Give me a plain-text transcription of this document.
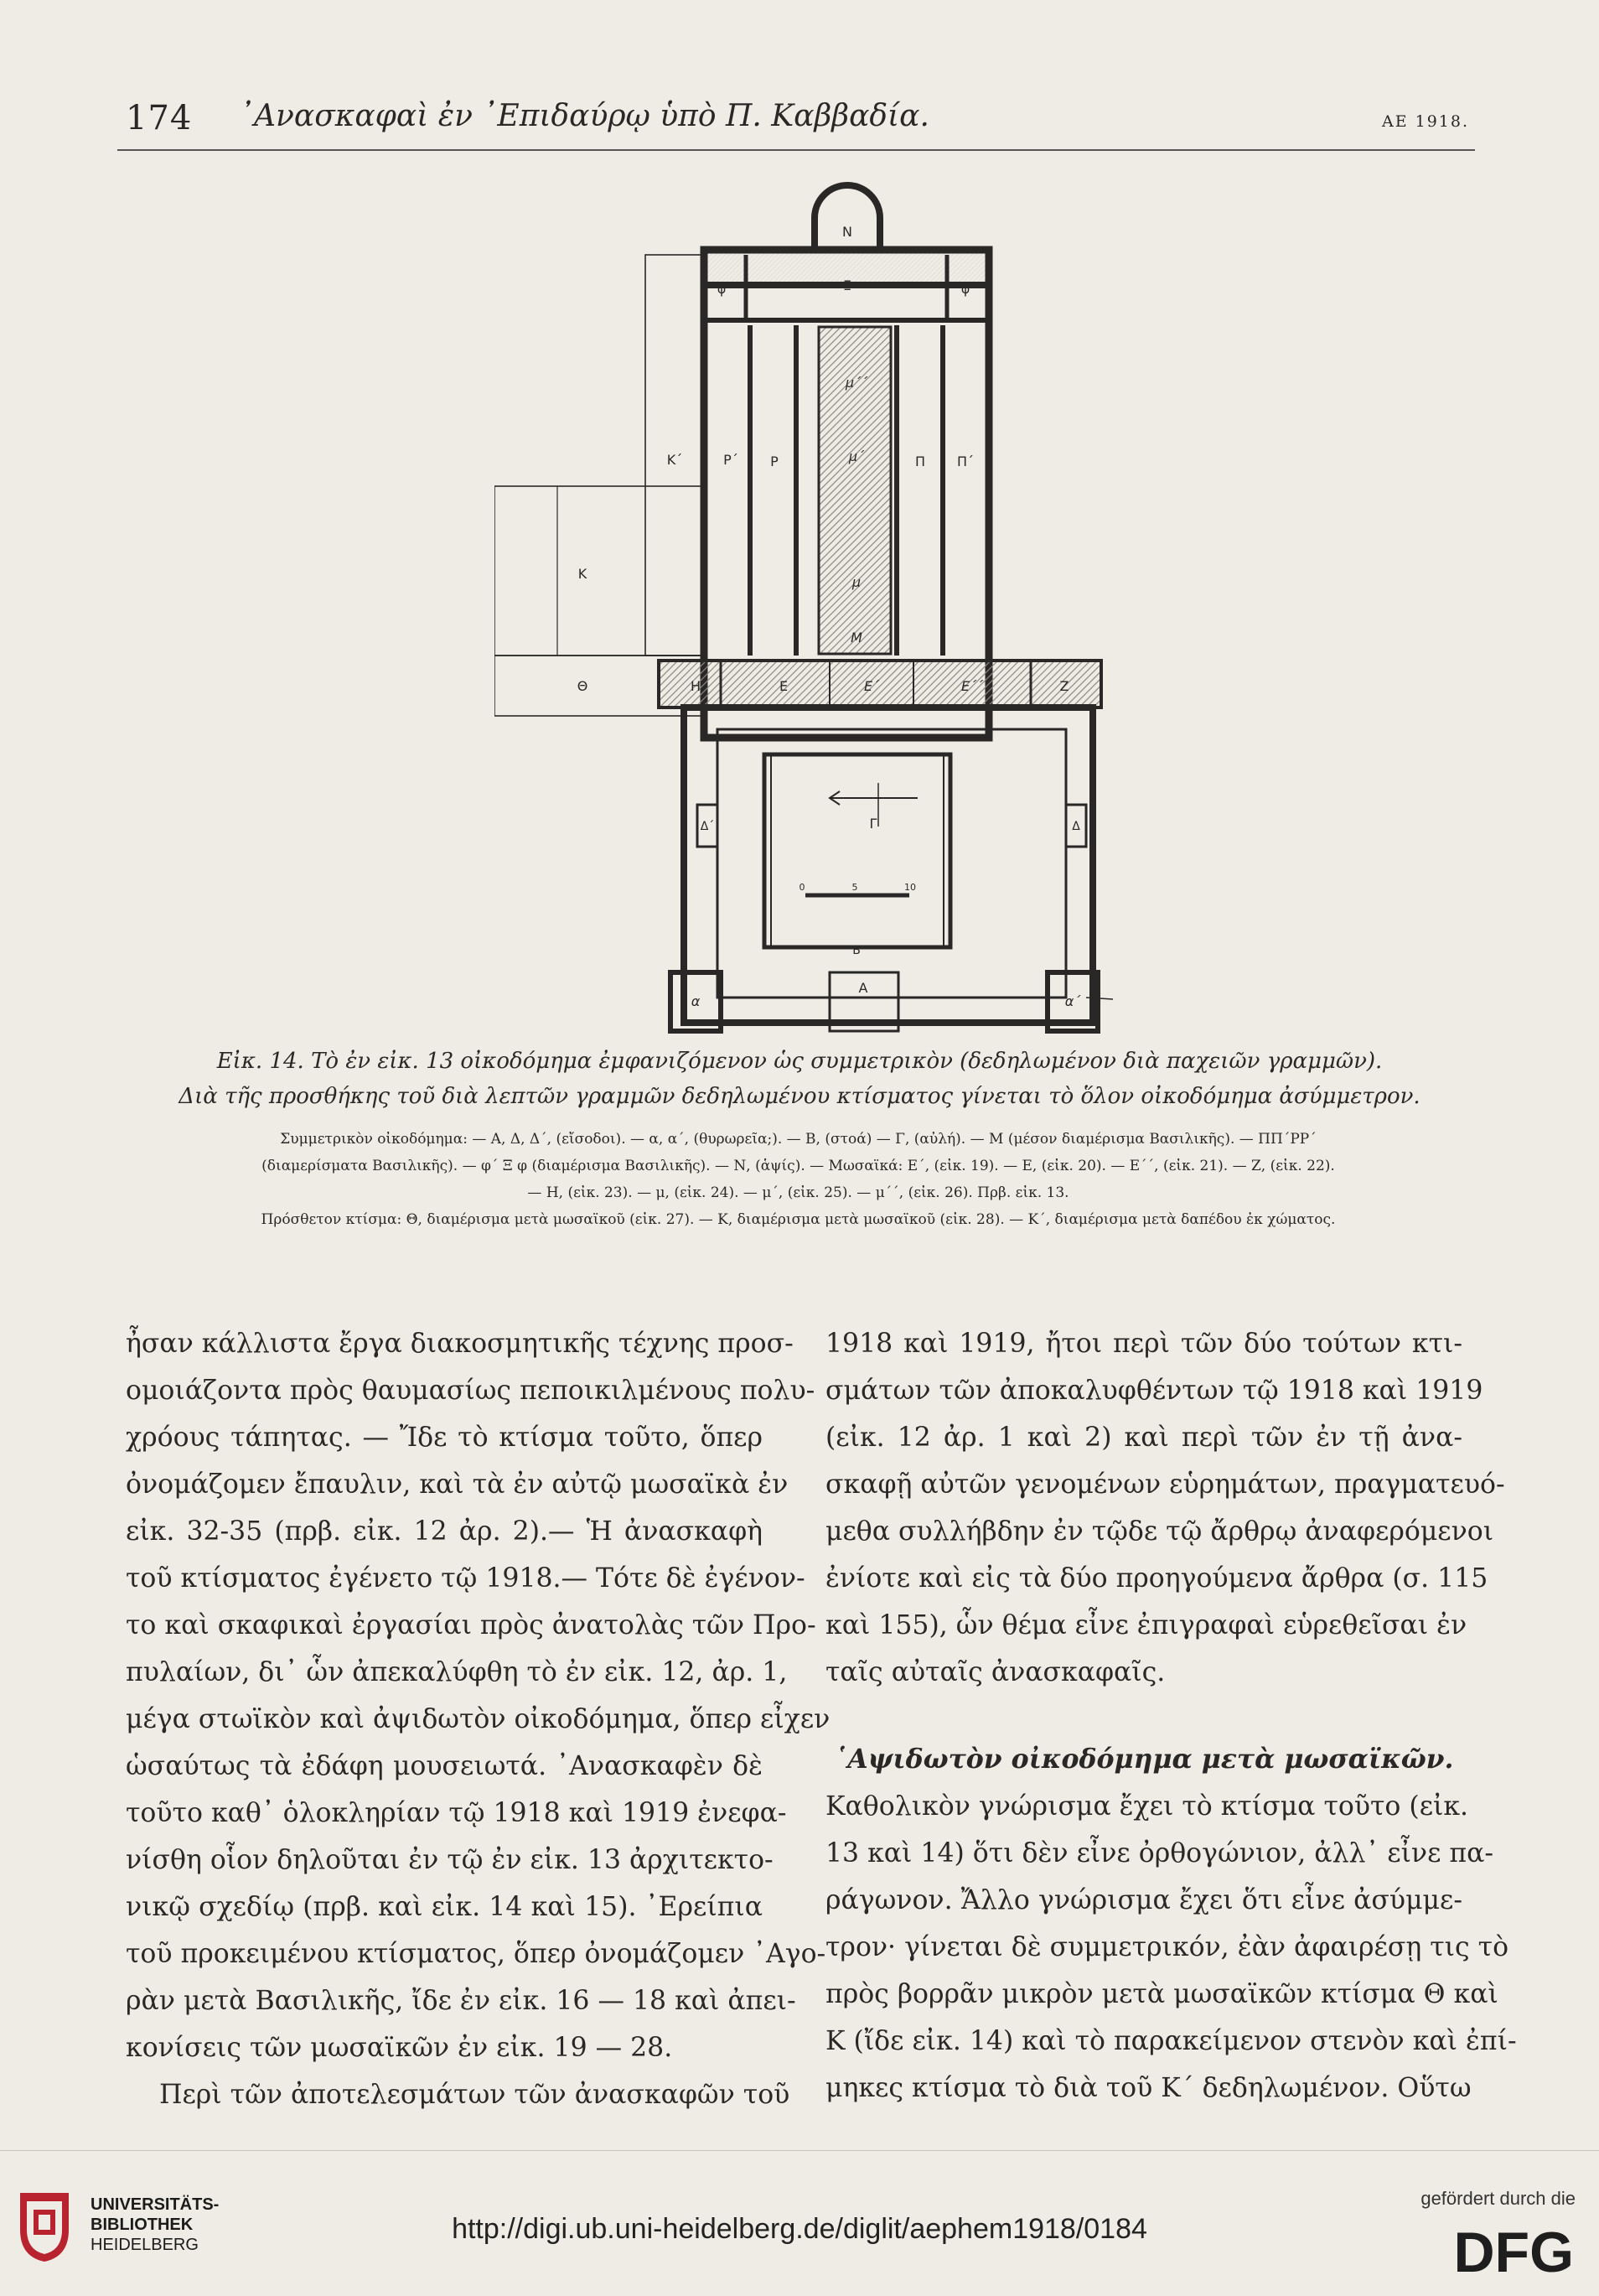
174 ᾿Ανασκαφαὶ ἐν ᾿Επιδαύρῳ ὑπὸ Π. Καββαδία.	ΑΕ 1918.
N
Ξ
φ΄	φ
K΄	Ρ΄ Ρ	Π Π΄
μ΄΄
μ΄
μ
Μ
K
Θ	Η	Ε	Ε΄	Ε΄΄	Ζ
Γ
Δ΄	Δ
B
α
A
α΄
0	5	10
Εἰκ. 14. Τὸ ἐν εἰκ. 13 οἰκοδόμημα ἐμφανιζόμενον ὡς συμμετρικὸν (δεδηλωμένον διὰ παχειῶν γραμμῶν).
Διὰ τῆς προσθήκης τοῦ διὰ λεπτῶν γραμμῶν δεδηλωμένου κτίσματος γίνεται τὸ ὅλον οἰκοδόμημα ἀσύμμετρον.
Συμμετρικὸν οἰκοδόμημα: — Α, Δ, Δ΄, (εἴσοδοι). — α, α΄, (θυρωρεῖα;). — Β, (στοά) — Γ, (αὐλή). — Μ (μέσον διαμέρισμα Βασιλικῆς). — ΠΠ΄ΡΡ΄
(διαμερίσματα Βασιλικῆς). — φ΄ Ξ φ (διαμέρισμα Βασιλικῆς). — Ν, (ἁψίς). — Μωσαϊκά: Ε΄, (εἰκ. 19). — Ε, (εἰκ. 20). — Ε΄΄, (εἰκ. 21). — Ζ, (εἰκ. 22).
— Η, (εἰκ. 23). — μ, (εἰκ. 24). — μ΄, (εἰκ. 25). — μ΄΄, (εἰκ. 26). Πρβ. εἰκ. 13.
Πρόσθετον κτίσμα: Θ, διαμέρισμα μετὰ μωσαϊκοῦ (εἰκ. 27). — Κ, διαμέρισμα μετὰ μωσαϊκοῦ (εἰκ. 28). — Κ΄, διαμέρισμα μετὰ δαπέδου ἐκ χώματος.

ἦσαν κάλλιστα ἔργα διακοσμητικῆς τέχνης προσ-

ομοιάζοντα πρὸς θαυμασίως πεποικιλμένους πολυ-

χρόους τάπητας. — Ἴδε τὸ κτίσμα τοῦτο, ὅπερ

ὀνομάζομεν ἔπαυλιν, καὶ τὰ ἐν αὐτῷ μωσαϊκὰ ἐν

εἰκ. 32-35 (πρβ. εἰκ. 12 ἀρ. 2).— Ἡ ἀνασκαφὴ

τοῦ κτίσματος ἐγένετο τῷ 1918.— Τότε δὲ ἐγένον-

το καὶ σκαφικαὶ ἐργασίαι πρὸς ἀνατολὰς τῶν Προ-

πυλαίων, δι᾿ ὧν ἀπεκαλύφθη τὸ ἐν εἰκ. 12, ἀρ. 1,

μέγα στωϊκὸν καὶ ἀψιδωτὸν οἰκοδόμημα, ὅπερ εἶχεν

ὡσαύτως τὰ ἐδάφη μουσειωτά. ᾿Ανασκαφὲν δὲ

τοῦτο καθ᾿ ὁλοκληρίαν τῷ 1918 καὶ 1919 ἐνεφα-

νίσθη οἷον δηλοῦται ἐν τῷ ἐν εἰκ. 13 ἀρχιτεκτο-

νικῷ σχεδίῳ (πρβ. καὶ εἰκ. 14 καὶ 15). ᾿Ερείπια

τοῦ προκειμένου κτίσματος, ὅπερ ὀνομάζομεν ᾿Αγο-

ρὰν μετὰ Βασιλικῆς, ἴδε ἐν εἰκ. 16 — 18 καὶ ἀπει-

κονίσεις τῶν μωσαϊκῶν ἐν εἰκ. 19 — 28.

Περὶ τῶν ἀποτελεσμάτων τῶν ἀνασκαφῶν τοῦ

1918 καὶ 1919, ἤτοι περὶ τῶν δύο τούτων κτι-

σμάτων τῶν ἀποκαλυφθέντων τῷ 1918 καὶ 1919

(εἰκ. 12 ἀρ. 1 καὶ 2) καὶ περὶ τῶν ἐν τῇ ἀνα-

σκαφῇ αὐτῶν γενομένων εὑρημάτων, πραγματευό-

μεθα συλλήβδην ἐν τῷδε τῷ ἄρθρῳ ἀναφερόμενοι

ἐνίοτε καὶ εἰς τὰ δύο προηγούμενα ἄρθρα (σ. 115

καὶ 155), ὧν θέμα εἶνε ἐπιγραφαὶ εὑρεθεῖσαι ἐν

ταῖς αὐταῖς ἀνασκαφαῖς.

῾Αψιδωτὸν οἰκοδόμημα μετὰ μωσαϊκῶν.

Καθολικὸν γνώρισμα ἔχει τὸ κτίσμα τοῦτο (εἰκ.

13 καὶ 14) ὅτι δὲν εἶνε ὀρθογώνιον, ἀλλ᾿ εἶνε πα-

ράγωνον. Ἄλλο γνώρισμα ἔχει ὅτι εἶνε ἀσύμμε-

τρον· γίνεται δὲ συμμετρικόν, ἐὰν ἀφαιρέσῃ τις τὸ

πρὸς βορρᾶν μικρὸν μετὰ μωσαϊκῶν κτίσμα Θ καὶ

Κ (ἴδε εἰκ. 14) καὶ τὸ παρακείμενον στενὸν καὶ ἐπί-

μηκες κτίσμα τὸ διὰ τοῦ Κ΄ δεδηλωμένον. Οὕτω

UNIVERSITÄTS-
BIBLIOTHEK
HEIDELBERG	http://digi.ub.uni-heidelberg.de/diglit/aephem1918/0184
gefördert durch die
DFG
